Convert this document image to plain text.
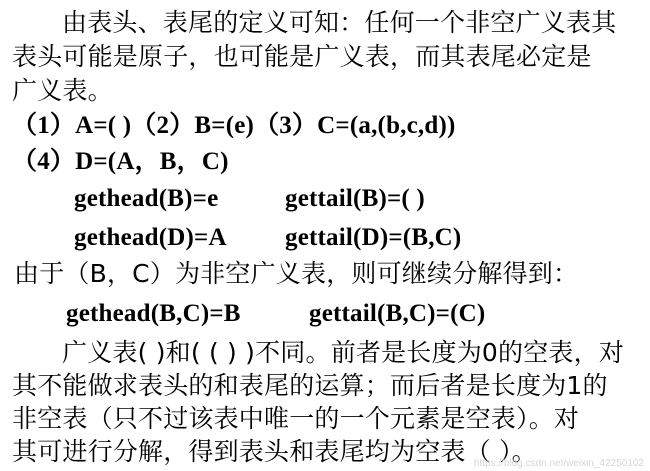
由表头、表尾的定义可知：任何一个非空广义表其
表头可能是原子，也可能是广义表，而其表尾必定是
广义表。
（1）A=( )（2）B=(e)（3）C=(a,(b,c,d))
（4）D=(A，B，C)
gethead(B)=e	gettail(B)=( )
gethead(D)=A gettail(D)=(B,C)
由于（B，C）为非空广义表，则可继续分解得到：
gethead(B,C)=B	gettail(B,C)=(C)
广义表( )和( ( ) )不同。前者是长度为0的空表，对
其不能做求表头的和表尾的运算；而后者是长度为1的
非空表（只不过该表中唯一的一个元素是空表）。对
其可进行分解，得到表头和表尾均为空表（ ）。
https://blog.csdn.net/weixin_42250102
